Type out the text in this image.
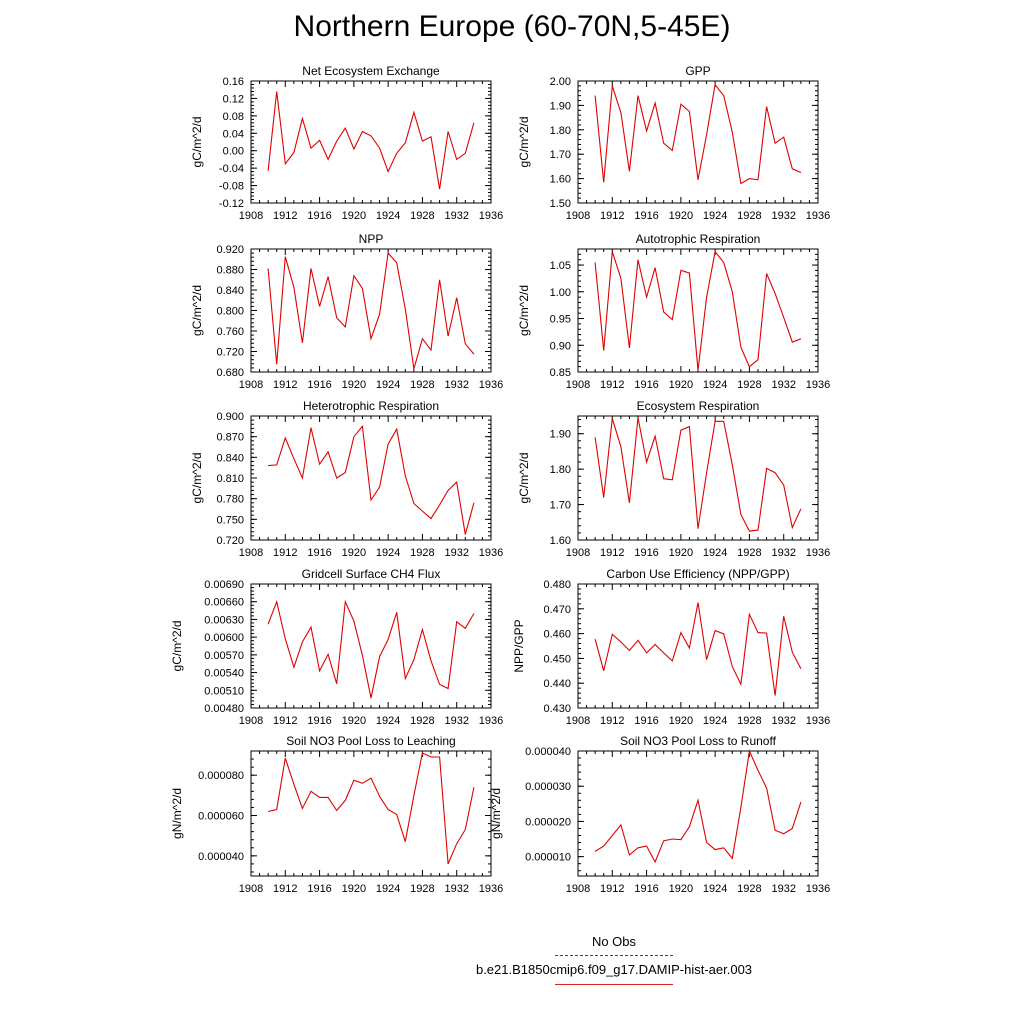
Northern Europe (60-70N,5-45E)
Net Ecosystem Exchange
gC/m^2/d
1908 1912 1916 1920 1924 1928 1932 1936
-0.12
-0.08
-0.04
0.00
0.04
0.08
0.12
0.16
GPP
gC/m^2/d
1908 1912 1916 1920 1924 1928 1932 1936
1.50
1.60
1.70
1.80
1.90
2.00
NPP
gC/m^2/d
1908 1912 1916 1920 1924 1928 1932 1936
0.680
0.720
0.760
0.800
0.840
0.880
0.920
Autotrophic Respiration
gC/m^2/d
1908 1912 1916 1920 1924 1928 1932 1936
0.85
0.90
0.95
1.00
1.05
Heterotrophic Respiration
gC/m^2/d
1908 1912 1916 1920 1924 1928 1932 1936
0.720
0.750
0.780
0.810
0.840
0.870
0.900
Ecosystem Respiration
gC/m^2/d
1908 1912 1916 1920 1924 1928 1932 1936
1.60
1.70
1.80
1.90
Gridcell Surface CH4 Flux
gC/m^2/d
1908 1912 1916 1920 1924 1928 1932 1936
0.00480
0.00510
0.00540
0.00570
0.00600
0.00630
0.00660
0.00690
Carbon Use Efficiency (NPP/GPP)
NPP/GPP
1908 1912 1916 1920 1924 1928 1932 1936
0.430
0.440
0.450
0.460
0.470
0.480
Soil NO3 Pool Loss to Leaching
gN/m^2/d
1908 1912 1916 1920 1924 1928 1932 1936
0.000040
0.000060
0.000080
Soil NO3 Pool Loss to Runoff
gN/m^2/d
1908 1912 1916 1920 1924 1928 1932 1936
0.000010
0.000020
0.000030
0.000040
No Obs
b.e21.B1850cmip6.f09_g17.DAMIP-hist-aer.003
